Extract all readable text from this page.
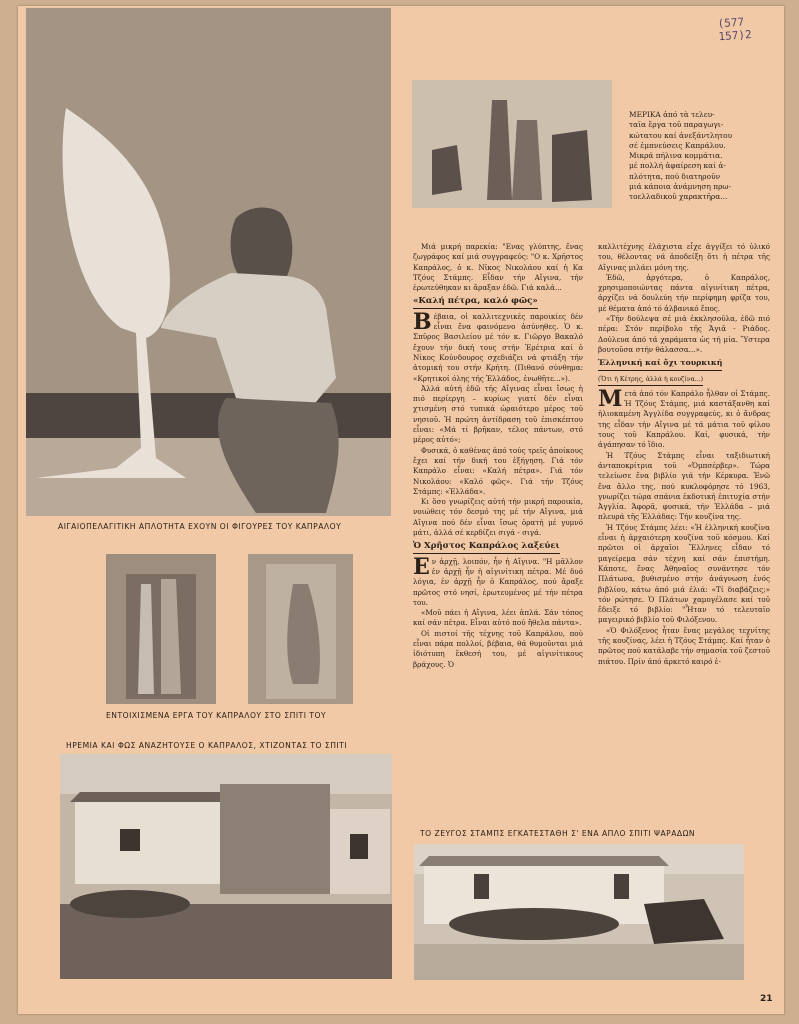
(577 157)2
ΑΙΓΑΙΟΠΕΛΑΓΙΤΙΚΗ ΑΠΛΟΤΗΤΑ ΕΧΟΥΝ ΟΙ ΦΙΓΟΥΡΕΣ ΤΟΥ ΚΑΠΡΑΛΟΥ
ΕΝΤΟΙΧΙΣΜΕΝΑ ΕΡΓΑ ΤΟΥ ΚΑΠΡΑΛΟΥ ΣΤΟ ΣΠΙΤΙ ΤΟΥ
ΗΡΕΜΙΑ ΚΑΙ ΦΩΣ ΑΝΑΖΗΤΟΥΣΕ Ο ΚΑΠΡΑΛΟΣ, ΧΤΙΖΟΝΤΑΣ ΤΟ ΣΠΙΤΙ
ΜΕΡΙΚΑ ἀπό τὰ τελευ-
ταῖα ἔργα τοῦ παραγωγι-
κώτατου καί ἀνεξάντλητου
σέ ἐμπνεύσεις Καπράλου.
Μικρά πήλινα κομμάτια.
μέ πολλή ἀφαίρεση καί ἁ-
πλότητα, πού διατηροῦν
μιά κάποια ἀνάμνηση πρω-
τοελλαδικοῦ χαρακτῆρα...

Μιά μικρή παρεκία: "Ενας γλύπτης, ἕνας ζωγράφος καί μιά συγγραφεύς: "Ο κ. Χρῆστος Καπράλος, ὁ κ. Νῖκος Νικολάου καί ἡ Κα Τζόυς Στάμπς. Εἶδαν τήν Αἴγινα, τήν ἐρωτεύθηκαν κι ἄραξαν ἐδῶ. Γιά καλά...

«Καλή πέτρα, καλό φῶς»

Βέβαια, οἱ καλλιτεχνικές παροικίες δέν εἶναι ἕνα φαινόμενο ἀσύνηθες. Ὁ κ. Σπῦρος Βασιλείου μέ τόν κ. Γιῶργο Βακαλό ἔχουν τήν δική τους στήν Ἐρέτρια καί ὁ Νίκος Κούνδουρος σχεδιάζει νά φτιάξη τήν ἀτομική του στήν Κρήτη. (Πιθανό σύνθημα: «Κρητικοί όλης τής Ἑλλάδος, ἑνωθῆτε...»).

Ἀλλά αὐτή ἐδῶ τῆς Αἴγινας εἶναι ἴσως ἡ πιό περίεργη – κυρίως γιατί δέν εἶναι χτισμένη στό τυπικά ὡραιότερο μέρος τοῦ νησιοῦ. Ἡ πρώτη ἀντίδραση τοῦ ἐπισκέπτου εἶναι: «Μά τί βρῆκαν, τέλος πάντων, στό μέρος αὐτό»;

Φυσικά, ὁ καθένας ἀπό τούς τρεῖς ἀποίκους ἔχει καί τήν δική του ἐξήγηση. Γιά τόν Καπράλο εἶναι: «Καλή πέτρα». Γιά τόν Νικολάου: «Καλό φῶς». Γιά τήν Τζόυς Στάμπς: «Ἑλλάδα».

Κι ὅσο γνωρίζεις αὐτή τήν μικρή παροικία, νοιώθεις τόν δεσμό της μέ τήν Αἴγινα, μιά Αἴγινα πού δέν εἶναι ἴσως ὁρατή μέ γυμνό μάτι, ἀλλά σέ κερδίζει σιγά - σιγά.

Ὁ Χρῆστος Καπράλος λαξεύει

Εν ἀρχῇ, λοιπόν, ἦν ἡ Αἴγινα. "Η μᾶλλον ἐν ἀρχῇ ἦν ἡ αἰγινίτικη πέτρα. Μέ δυό λόγια, ἐν ἀρχῇ ἦν ὁ Καπράλος, πού ἄραξε πρῶτος στό νησί, ἐρωτευμένος μέ τήν πέτρα του.

«Μοῦ πάει ἡ Αἴγινα, λέει ἁπλά. Σάν τόπος καί σάν πέτρα. Εἶναι αὐτό πού ἤθελα πάντα».

Οἱ πιστοί τῆς τέχνης τοῦ Καπράλου, πού εἶναι πάρα πολλοί, βέβαια, θά θυμοῦνται μιά ἰδιότυπη ἔκθεσή του, μέ αἰγινίτικους βράχους. Ὁ

καλλιτέχνης ἐλάχιστα εἶχε ἀγγίξει τό ὑλικό του, θέλοντας νά ἀποδείξη ὅτι ἡ πέτρα τῆς Αἴγινας μιλάει μόνη της.

Ἐδῶ, ἀργότερα, ὁ Καπράλος, χρησιμοποιώντας πάντα αἰγινίτικη πέτρα, ἀρχίζει νά δουλεύη τήν περίφημη φρίζα του, μέ θέματα ἀπό τό ἀλβανικό ἔπος.

«Τήν δούλεψα σέ μιά ἐκκλησοῦλα, ἐδῶ πιό πέρα: Στόν περίβολο τῆς Ἁγιᾶ - Ριάδος. Δούλευα ἀπό τά χαράματα ὡς τή μία. Ὕστερα βουτοῦσα στήν θάλασσα...».

Ἑλληνική καί ὄχι τουρκική
(Ὅτι ἡ Κέτρης, ἀλλά ἡ κουζίνα...)

Μετά ἀπό τόν Καπράλο ἦλθαν οἱ Στάμπς. Ἡ Τζόυς Στάμπς, μιά καστάξανθη καί ἡλιοκαμένη Ἀγγλίδα συγγραφεύς, κι ὁ ἄνδρας της εἶδαν τήν Αἴγινα μέ τά μάτια τοῦ φίλου τους τοῦ Καπράλου. Καί, φυσικά, τήν ἀγάπησαν τό ἴδιο.

Ἡ Τζόυς Στάμπς εἶναι ταξιδιωτική ἀνταποκρίτρια τοῦ «Ὀμπσέρβερ». Τώρα τελείωσε ἕνα βιβλίο γιά τήν Κέρκυρα. Ἐνῶ ἕνα ἄλλο της, πού κυκλοφόρησε τό 1963, γνωρίζει τώρα σπάνια ἐκδοτική ἐπιτυχία στήν Ἀγγλία. Ἀφορᾶ, φυσικά, τήν Ἑλλάδα – μιά πλευρά τῆς Ἑλλάδας: Τήν κουζίνα της.

Ἡ Τζόυς Στάμπς λέει: «Ἡ ἑλληνική κουζίνα εἶναι ἡ ἀρχαιότερη κουζίνα τοῦ κόσμου. Καί πρῶτοι οἱ ἀρχαῖοι Ἕλληνες εἶδαν τό μαγείρεμα σάν τέχνη καί σάν ἐπιστήμη. Κάποτε, ἕνας Ἀθηναῖος συνάντησε τόν Πλάτωνα, βυθισμένο στήν ἀνάγνωση ἑνός βιβλίου, κάτω ἀπό μιά ἐλιά: «Τί διαβάζεις;» τόν ρώτησε. Ὁ Πλάτων χαμογέλασε καί τοῦ ἔδειξε τό βιβλίο: "Ἦταν τό τελευταῖο μαγειρικό βιβλίο τοῦ Φιλόξενου.

«Ὁ Φιλόξενος ἦταν ἕνας μεγάλος τεχνίτης τῆς κουζίνας, λέει ἡ Τζόυς Στάμπς. Καί ἦταν ὁ πρῶτος πού κατάλαβε τήν σημασία τοῦ ζεστοῦ πιάτου. Πρίν ἀπό ἀρκετό καιρό ἐ-

ΤΟ ΖΕΥΓΟΣ ΣΤΑΜΠΣ ΕΓΚΑΤΕΣΤΑΘΗ Σ' ΕΝΑ ΑΠΛΟ ΣΠΙΤΙ ΨΑΡΑΔΩΝ
21
